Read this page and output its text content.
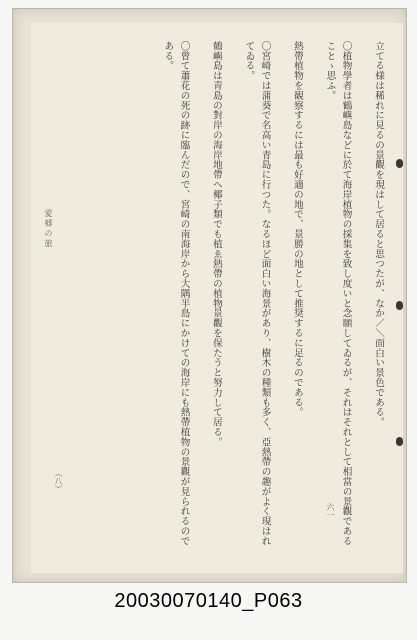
立てる様は稀れに見るの景觀を現はして居ると思つたが、なか／＼面白い景色である。

〇植物學者は鶴嶼島などに於て海岸植物の採集を致し度いと念願してゐるが、それはそれとして相當の景觀であることゝ思ふ。

熱帶植物を観察するには最も好適の地で、景勝の地として推奨するに足るのである。

〇宮崎では蒲葵で名高い青島に行つた。なるほど面白い海景があり、樹木の種類も多く、亞熱帶の趣がよく現はれてゐる。

鶴嶼島は青島の對岸の海岸地帶へ椰子類でも植ゑ熱帶の植物景觀を保たうと努力して居る。

〇曾て蕭花の死の跡に臨んだので、宮崎の南海岸から大隅半島にかけての海岸にも熱帶植物の景觀が見られるのである。

愛郷の旅
（八）
六一
20030070140_P063
